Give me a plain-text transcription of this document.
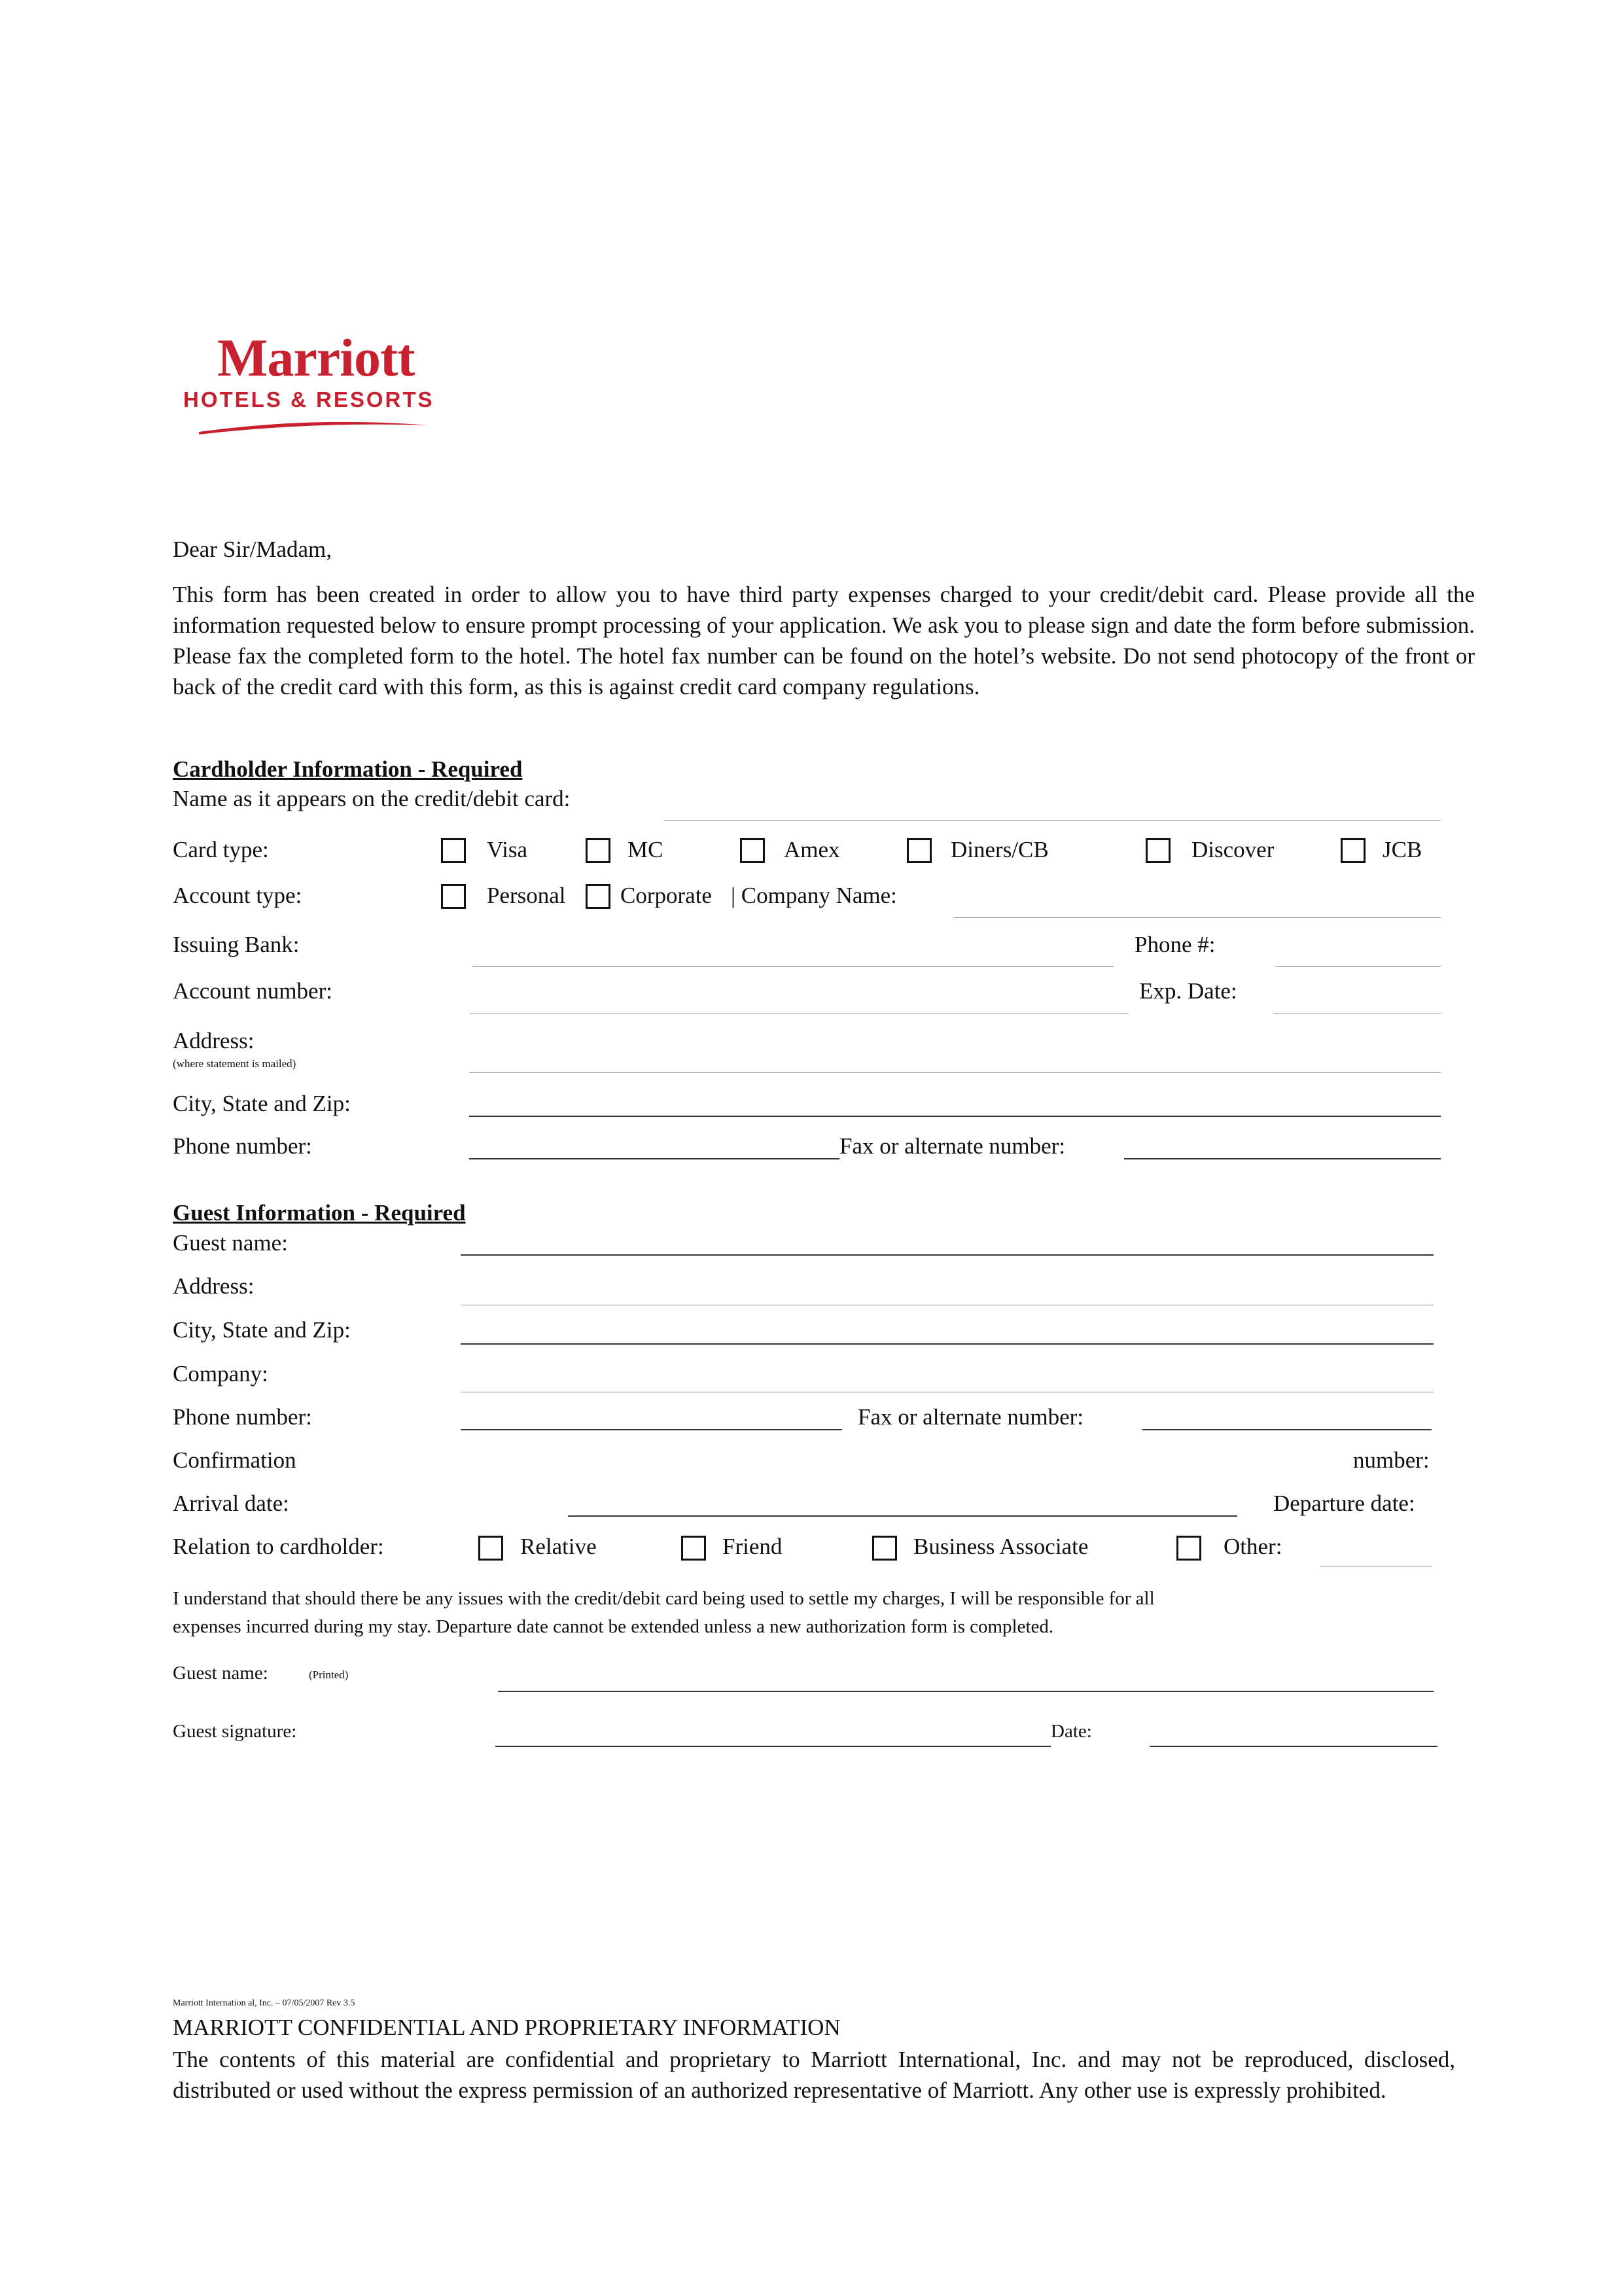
Marriott
HOTELS & RESORTS
Dear Sir/Madam,
This form has been created in order to allow you to have third party expenses charged to your credit/debit card. Please provide all the information requested below to ensure prompt processing of your application. We ask you to please sign and date the form before submission. Please fax the completed form to the hotel. The hotel fax number can be found on the hotel’s website. Do not send photocopy of the front or back of the credit card with this form, as this is against credit card company regulations.
Cardholder Information - Required
Name as it appears on the credit/debit card:
Card type:	Visa	MC	Amex	Diners/CB	Discover	JCB
Account type:	Personal Corporate | Company Name:
Issuing Bank:	Phone #:
Account number:	Exp. Date:
Address:
(where statement is mailed)
City, State and Zip:
Phone number:	Fax or alternate number:
Guest Information - Required
Guest name:
Address:
City, State and Zip:
Company:
Phone number:	Fax or alternate number:
Confirmation	number:
Arrival date:	Departure date:
Relation to cardholder:	Relative	Friend	Business Associate	Other:
I understand that should there be any issues with the credit/debit card being used to settle my charges, I will be responsible for all
expenses incurred during my stay. Departure date cannot be extended unless a new authorization form is completed.
Guest name:	(Printed)
Guest signature:	Date:
Marriott Internation al, Inc. – 07/05/2007 Rev 3.5
MARRIOTT CONFIDENTIAL AND PROPRIETARY INFORMATION
The contents of this material are confidential and proprietary to Marriott International, Inc. and may not be reproduced, disclosed, distributed or used without the express permission of an authorized representative of Marriott. Any other use is expressly prohibited.
